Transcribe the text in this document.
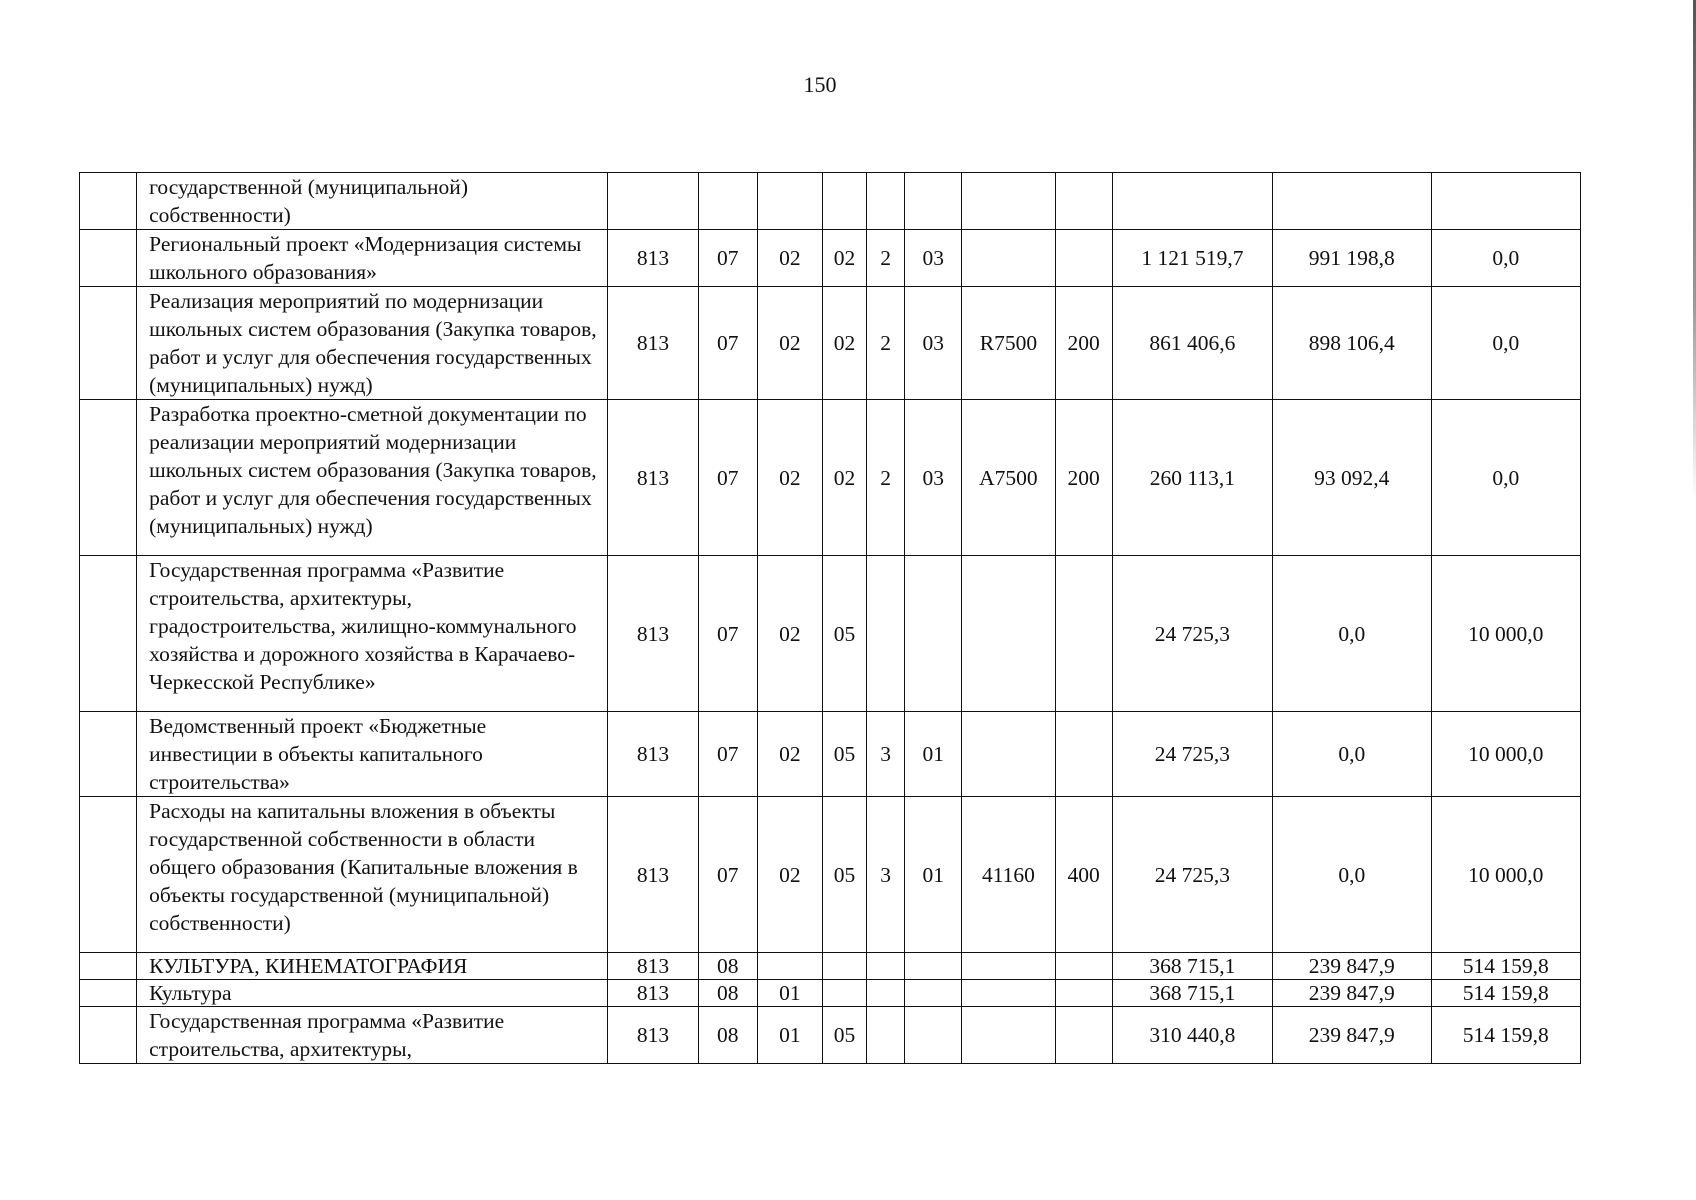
150
	государственной (муниципальной) собственности)											
	Региональный проект «Модернизация системы школьного образования»	813	07	02	02	2	03			1 121 519,7	991 198,8	0,0
	Реализация мероприятий по модернизации школьных систем образования (Закупка товаров, работ и услуг для обеспечения государственных (муниципальных) нужд)	813	07	02	02	2	03	R7500	200	861 406,6	898 106,4	0,0
	Разработка проектно-сметной документации по реализации мероприятий модернизации школьных систем образования (Закупка товаров, работ и услуг для обеспечения государственных (муниципальных) нужд)	813	07	02	02	2	03	А7500	200	260 113,1	93 092,4	0,0
	Государственная программа «Развитие строительства, архитектуры, градостроительства, жилищно-коммунального хозяйства и дорожного хозяйства в Карачаево-Черкесской Республике»	813	07	02	05					24 725,3	0,0	10 000,0
	Ведомственный проект «Бюджетные инвестиции в объекты капитального строительства»	813	07	02	05	3	01			24 725,3	0,0	10 000,0
	Расходы на капитальны вложения в объекты государственной собственности в области общего образования (Капитальные вложения в объекты государственной (муниципальной) собственности)	813	07	02	05	3	01	41160	400	24 725,3	0,0	10 000,0
	КУЛЬТУРА, КИНЕМАТОГРАФИЯ	813	08							368 715,1	239 847,9	514 159,8
	Культура	813	08	01						368 715,1	239 847,9	514 159,8
	Государственная программа «Развитие строительства, архитектуры,	813	08	01	05					310 440,8	239 847,9	514 159,8
